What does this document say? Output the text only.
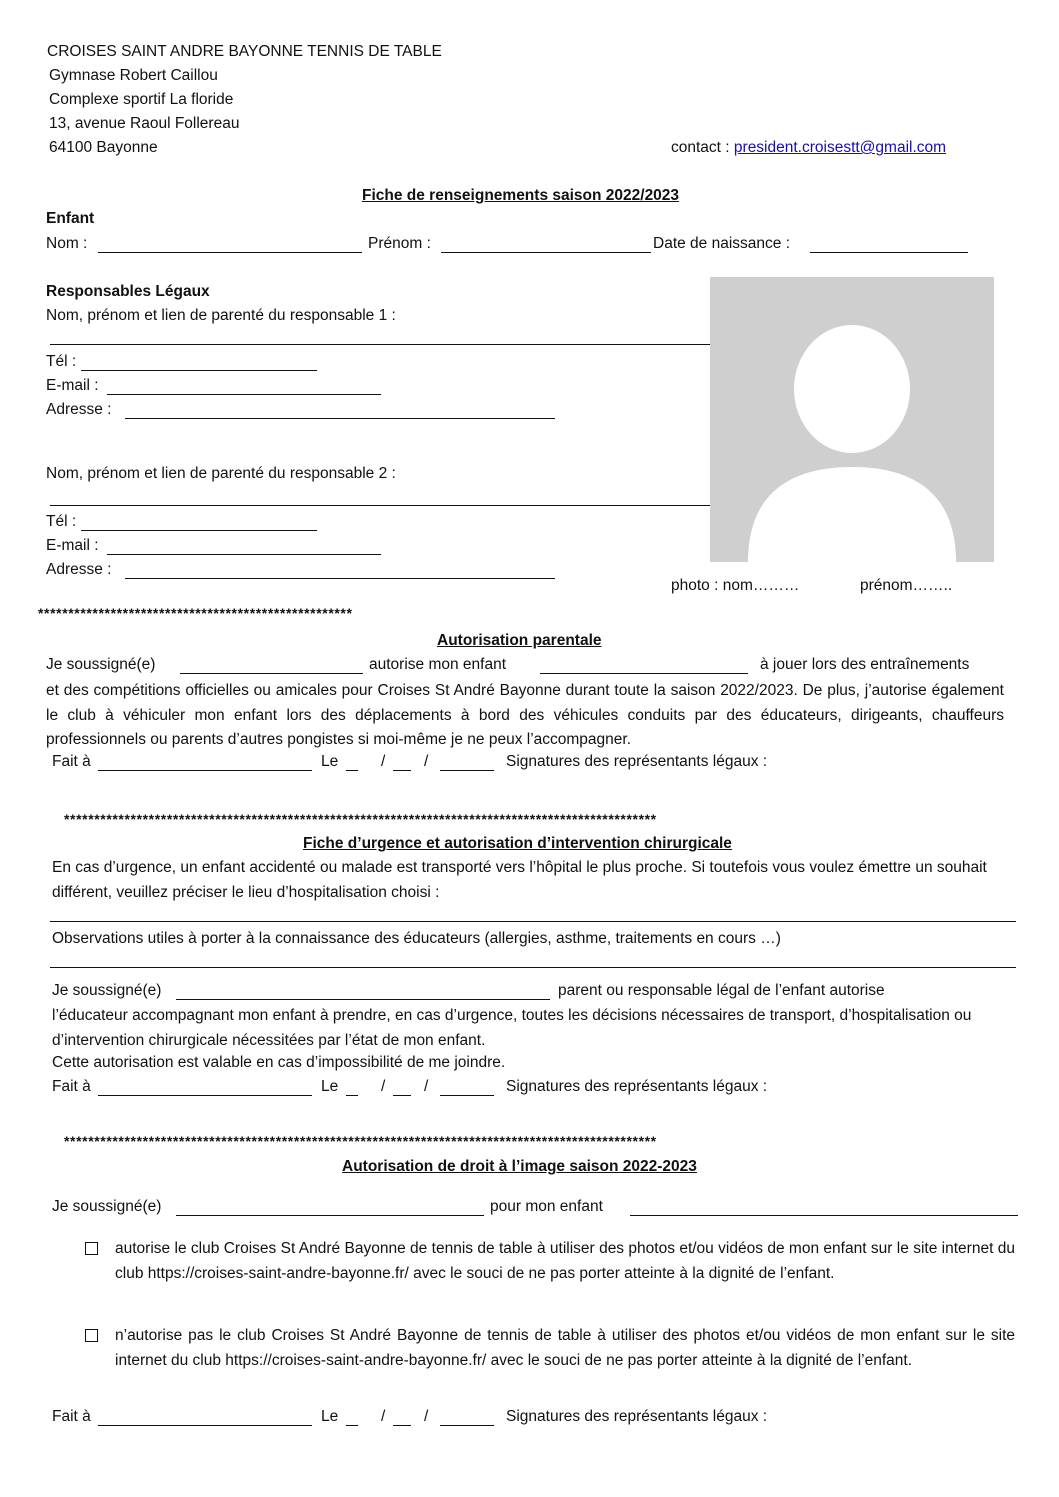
CROISES SAINT ANDRE BAYONNE TENNIS DE TABLE
Gymnase Robert Caillou
Complexe sportif La floride
13, avenue Raoul Follereau
64100 Bayonne	contact : president.croisestt@gmail.com
Fiche de renseignements saison 2022/2023
Enfant
Nom :	Prénom :	Date de naissance :
Responsables Légaux
Nom, prénom et lien de parenté du responsable 1 :
Tél :
E-mail :
Adresse :
Nom, prénom et lien de parenté du responsable 2 :
Tél :
E-mail :
Adresse :
photo : nom………	prénom……..
****************************************************
Autorisation parentale
Je soussigné(e)	autorise mon enfant	à jouer lors des entraînements
et des compétitions officielles ou amicales pour Croises St André Bayonne durant toute la saison 2022/2023. De plus, j’autorise également le club à véhiculer mon enfant lors des déplacements à bord des véhicules conduits par des éducateurs, dirigeants, chauffeurs professionnels ou parents d’autres pongistes si moi-même je ne peux l’accompagner.
Fait à	Le	/ /	Signatures des représentants légaux :
**************************************************************************************************
Fiche d’urgence et autorisation d’intervention chirurgicale
En cas d’urgence, un enfant accidenté ou malade est transporté vers l’hôpital le plus proche. Si toutefois vous voulez émettre un souhait différent, veuillez préciser le lieu d’hospitalisation choisi :
Observations utiles à porter à la connaissance des éducateurs (allergies, asthme, traitements en cours …)
Je soussigné(e)	parent ou responsable légal de l’enfant autorise
l’éducateur accompagnant mon enfant à prendre, en cas d’urgence, toutes les décisions nécessaires de transport, d’hospitalisation ou d’intervention chirurgicale nécessitées par l’état de mon enfant.
Cette autorisation est valable en cas d’impossibilité de me joindre.
Fait à	Le	/ /	Signatures des représentants légaux :
**************************************************************************************************
Autorisation de droit à l’image saison 2022-2023
Je soussigné(e)	pour mon enfant
autorise le club Croises St André Bayonne de tennis de table à utiliser des photos et/ou vidéos de mon enfant sur le site internet du club https://croises-saint-andre-bayonne.fr/ avec le souci de ne pas porter atteinte à la dignité de l’enfant.
n’autorise pas le club Croises St André Bayonne de tennis de table à utiliser des photos et/ou vidéos de mon enfant sur le site internet du club https://croises-saint-andre-bayonne.fr/ avec le souci de ne pas porter atteinte à la dignité de l’enfant.
Fait à	Le	/ /	Signatures des représentants légaux :
